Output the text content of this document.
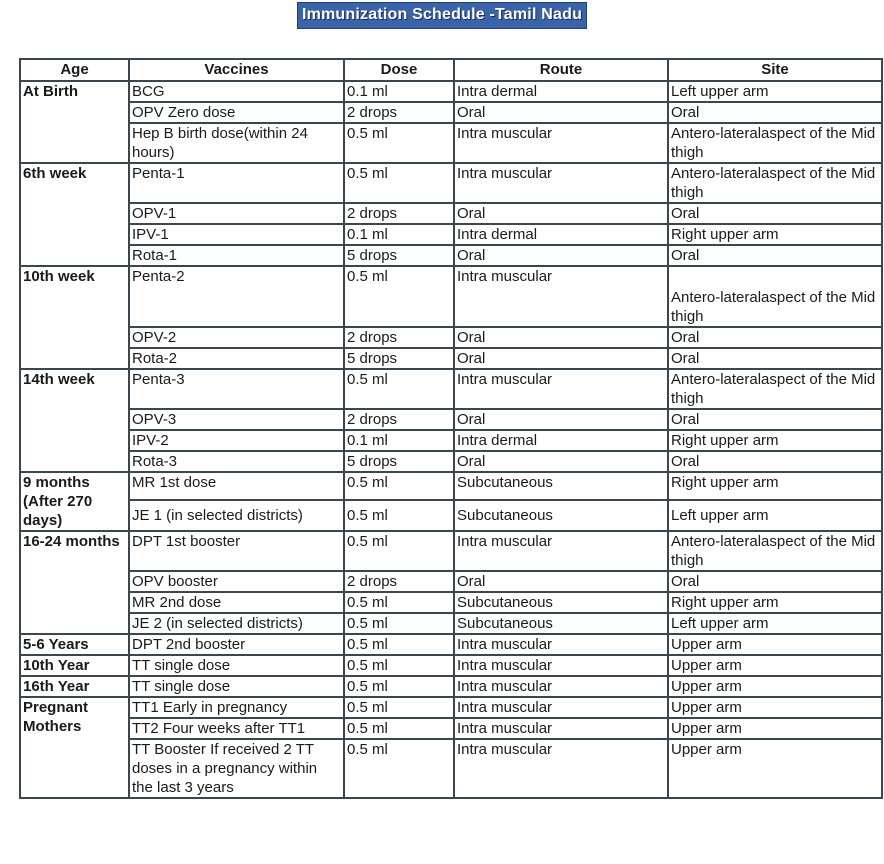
Immunization Schedule -Tamil Nadu
Age	Vaccines	Dose	Route	Site
At Birth	BCG	0.1 ml	Intra dermal	Left upper arm
	OPV Zero dose	2 drops	Oral	Oral
	Hep B birth dose(within 24 hours)	0.5 ml	Intra muscular	Antero-lateralaspect of the Mid thigh
6th week	Penta-1	0.5 ml	Intra muscular	Antero-lateralaspect of the Mid thigh
	OPV-1	2 drops	Oral	Oral
	IPV-1	0.1 ml	Intra dermal	Right upper arm
	Rota-1	5 drops	Oral	Oral
10th week	Penta-2	0.5 ml	Intra muscular	Antero-lateralaspect of the Mid thigh
	OPV-2	2 drops	Oral	Oral
	Rota-2	5 drops	Oral	Oral
14th week	Penta-3	0.5 ml	Intra muscular	Antero-lateralaspect of the Mid thigh
	OPV-3	2 drops	Oral	Oral
	IPV-2	0.1 ml	Intra dermal	Right upper arm
	Rota-3	5 drops	Oral	Oral
9 months (After 270 days)	MR 1st dose	0.5 ml	Subcutaneous	Right upper arm
	JE 1 (in selected districts)	0.5 ml	Subcutaneous	Left upper arm
16-24 months	DPT 1st booster	0.5 ml	Intra muscular	Antero-lateralaspect of the Mid thigh
	OPV booster	2 drops	Oral	Oral
	MR 2nd dose	0.5 ml	Subcutaneous	Right upper arm
	JE 2 (in selected districts)	0.5 ml	Subcutaneous	Left upper arm
5-6 Years	DPT 2nd booster	0.5 ml	Intra muscular	Upper arm
10th Year	TT single dose	0.5 ml	Intra muscular	Upper arm
16th Year	TT single dose	0.5 ml	Intra muscular	Upper arm
Pregnant Mothers	TT1 Early in pregnancy	0.5 ml	Intra muscular	Upper arm
	TT2 Four weeks after TT1	0.5 ml	Intra muscular	Upper arm
	TT Booster If received 2 TT doses in a pregnancy within the last 3 years	0.5 ml	Intra muscular	Upper arm
